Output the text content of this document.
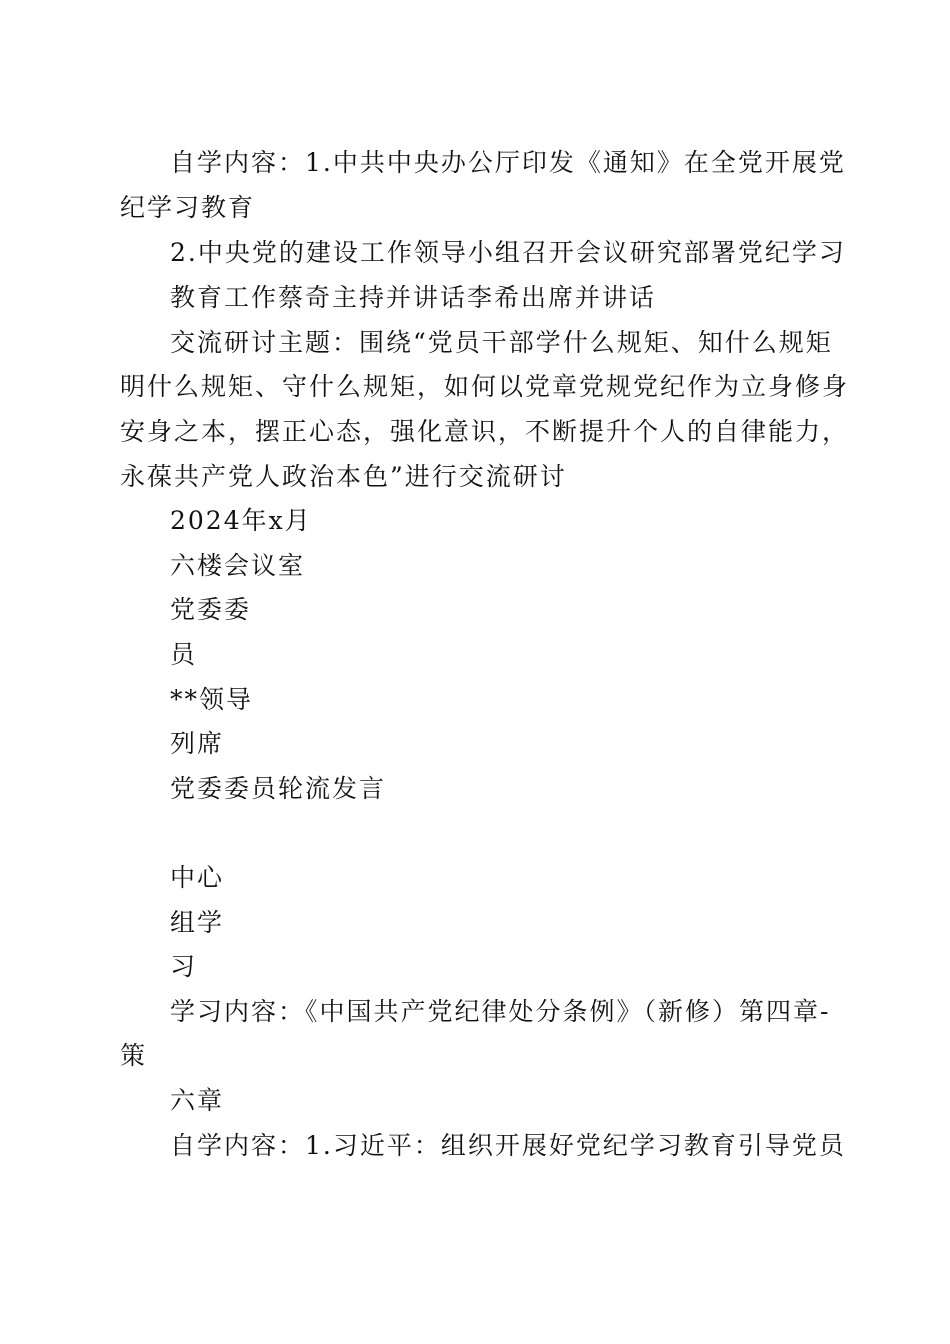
自学内容：1.中共中央办公厅印发《通知》在全党开展党
纪学习教育
2.中央党的建设工作领导小组召开会议研究部署党纪学习
教育工作蔡奇主持并讲话李希出席并讲话
交流研讨主题：围绕“党员干部学什么规矩、知什么规矩
明什么规矩、守什么规矩，如何以党章党规党纪作为立身修身
安身之本，摆正心态，强化意识，不断提升个人的自律能力，
永葆共产党人政治本色”进行交流研讨
2024年x月
六楼会议室
党委委
员
**领导
列席
党委委员轮流发言
中心
组学
习
学习内容：《中国共产党纪律处分条例》（新修）第四章-
策
六章
自学内容：1.习近平：组织开展好党纪学习教育引导党员
